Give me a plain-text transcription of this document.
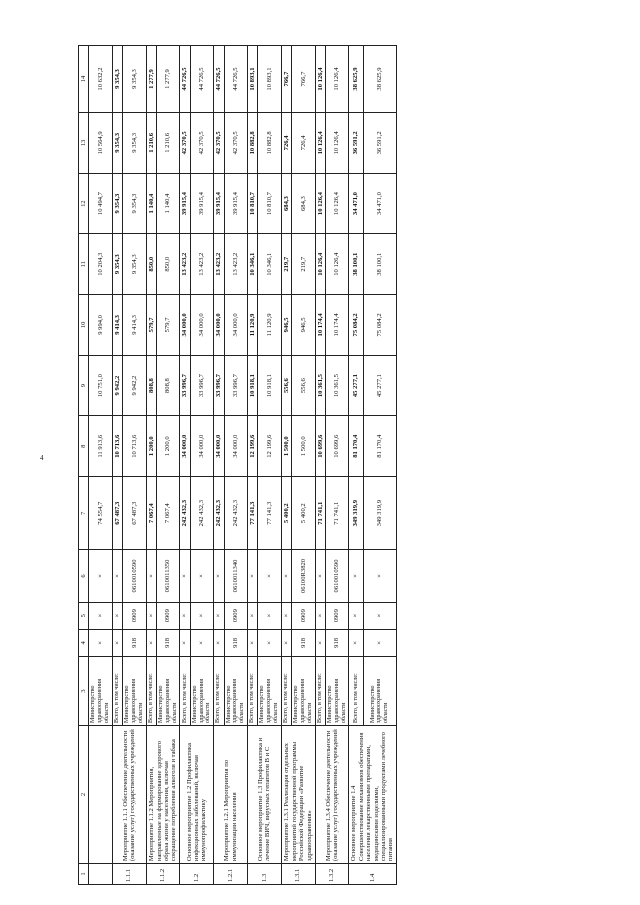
4
1	2	3	4	5	6	7	8	9	10	11	12	13	14
		Министерство здравоохранения области	×	×	×	74 554,7	11 913,6	10 751,0	9 994,0	10 204,3	10 494,7	10 564,9	10 632,2
1.1.1	Мероприятие 1.1.1 Обеспечение деятельности (оказание услуг) государственных учреждений	Всего, в том числе:	×	×	×	67 487,3	10 713,6	9 942,2	9 414,3	9 354,3	9 354,3	9 354,3	9 354,3
		Министерство здравоохранения области	918	0909	0610010590	67 487,3	10 713,6	9 942,2	9 414,3	9 354,3	9 354,3	9 354,3	9 354,3
1.1.2	Мероприятие 1.1.2 Мероприятия, направленные на формирование здорового образа жизни у населения, включая сокращение потребления алкоголя и табака	Всего, в том числе:	×	×	×	7 067,4	1 200,0	808,8	579,7	850,0	1 140,4	1 210,6	1 277,9
		Министерство здравоохранения области	918	0909	0610011350	7 067,4	1 200,0	808,8	579,7	850,0	1 140,4	1 210,6	1 277,9
1.2	Основное мероприятие 1.2 Профилактика инфекционных заболеваний, включая иммунопрофилактику	Всего, в том числе:	×	×	×	242 432,3	34 000,0	33 996,7	34 000,0	13 423,2	39 915,4	42 370,5	44 726,5
		Министерство здравоохранения области	×	×	×	242 432,3	34 000,0	33 996,7	34 000,0	13 423,2	39 915,4	42 370,5	44 726,5
1.2.1	Мероприятие 1.2.1 Мероприятия по иммунизации населения	Всего, в том числе:	×	×	×	242 432,3	34 000,0	33 996,7	34 000,0	13 423,2	39 915,4	42 370,5	44 726,5
		Министерство здравоохранения области	918	0909	0610011340	242 432,3	34 000,0	33 996,7	34 000,0	13 423,2	39 915,4	42 370,5	44 726,5
1.3	Основное мероприятие 1.3 Профилактика и лечение ВИЧ, вирусных гепатитов В и С	Всего, в том числе:	×	×	×	77 141,3	12 199,6	10 918,1	11 120,9	10 346,1	10 810,7	10 882,8	10 893,1
		Министерство здравоохранения области	×	×	×	77 141,3	12 199,6	10 918,1	11 120,9	10 346,1	10 810,7	10 882,8	10 893,1
1.3.1	Мероприятие 1.3.1 Реализация отдельных мероприятий государственной программы Российской Федерации «Развитие здравоохранения»	Всего, в том числе:	×	×	×	5 400,2	1 500,0	556,6	946,5	219,7	684,3	726,4	766,7
		Министерство здравоохранения области	918	0909	06100R3820	5 400,2	1 500,0	556,6	946,5	219,7	684,3	726,4	766,7
1.3.2	Мероприятие 1.3.4 Обеспечение деятельности (оказание услуг) государственных учреждений	Всего, в том числе:	×	×	×	71 741,1	10 699,6	10 361,5	10 174,4	10 126,4	10 126,4	10 126,4	10 126,4
		Министерство здравоохранения области	918	0909	0610010590	71 741,1	10 699,6	10 361,5	10 174,4	10 126,4	10 126,4	10 126,4	10 126,4
1.4	Основное мероприятие 1.4 Совершенствование механизмов обеспечения населения лекарственными препаратами, медицинскими изделиями, специализированными продуктами лечебного питания	Всего, в том числе:	×	×	×	349 319,9	81 170,4	45 277,1	75 084,2	38 100,1	34 471,0	36 591,2	38 625,9
		Министерство здравоохранения области	×	×	×	349 319,9	81 170,4	45 277,1	75 084,2	38 100,1	34 471,0	36 591,2	38 625,9
